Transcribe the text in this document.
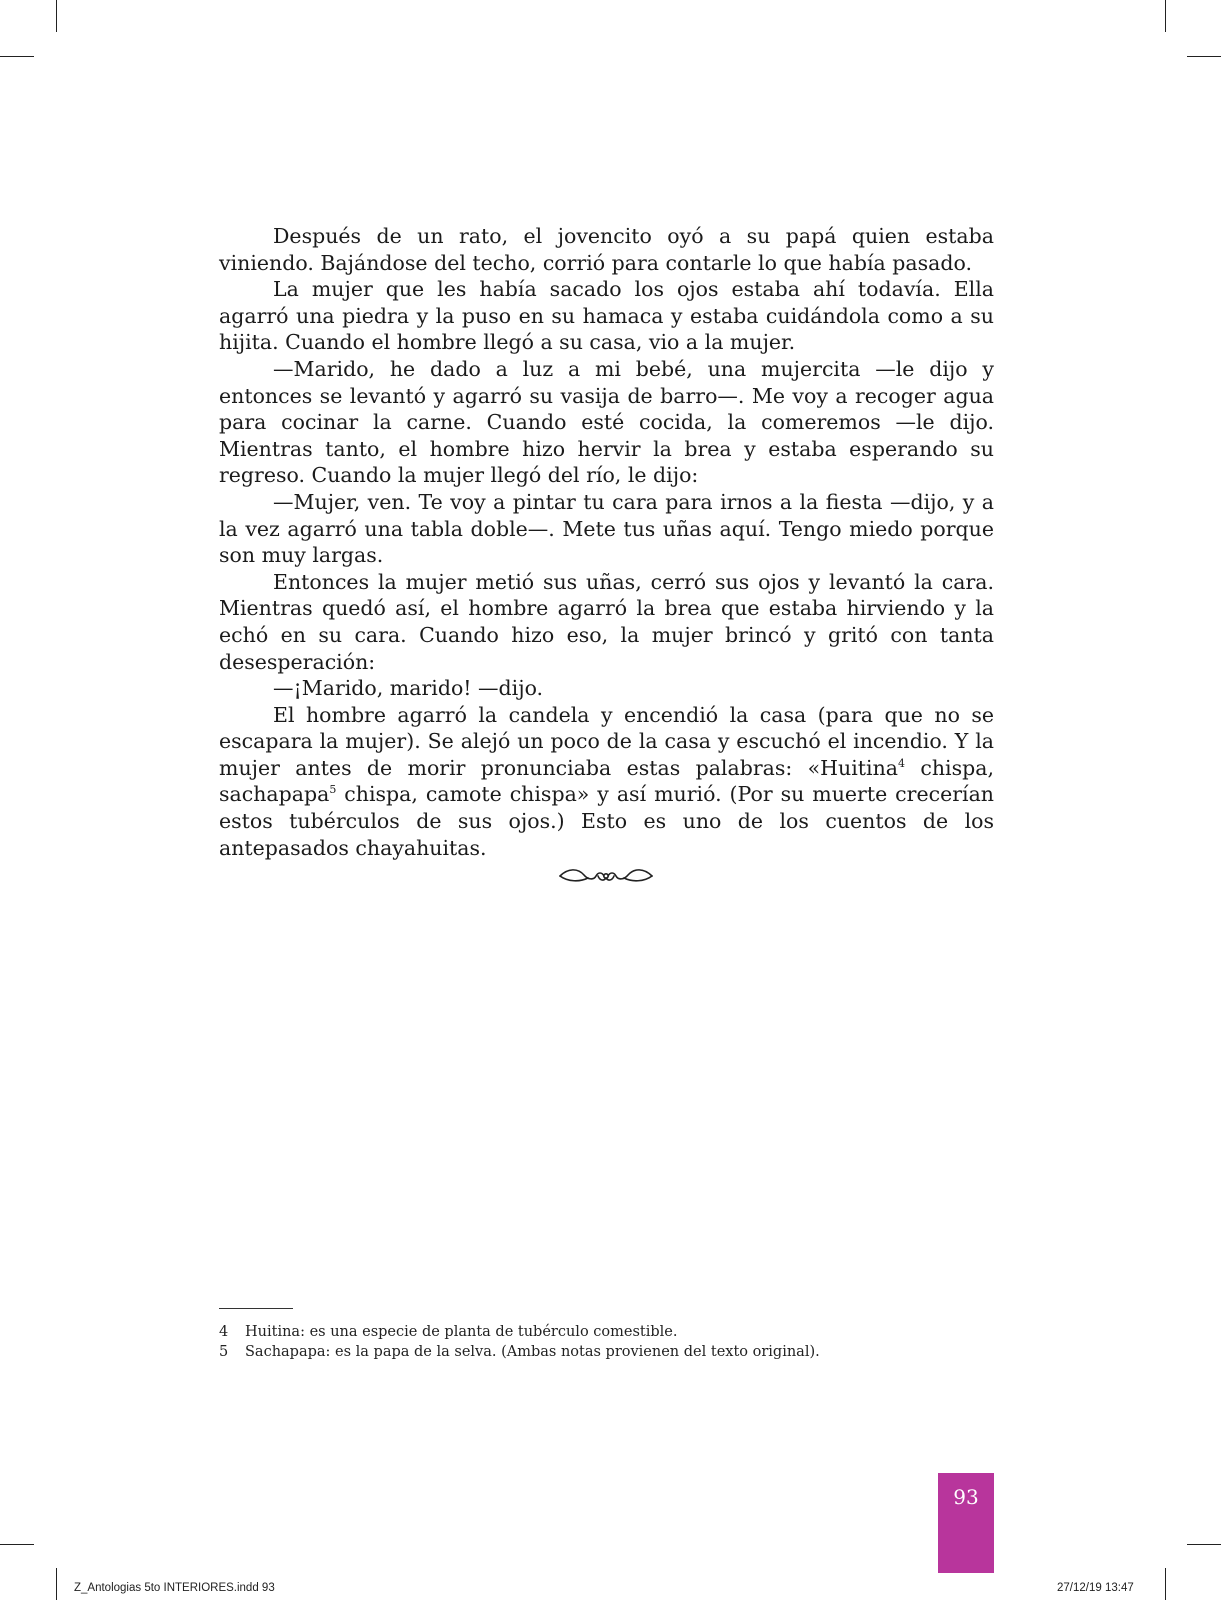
Después de un rato, el jovencito oyó a su papá quien estaba viniendo. Bajándose del techo, corrió para contarle lo que había pasado.

La mujer que les había sacado los ojos estaba ahí todavía. Ella agarró una piedra y la puso en su hamaca y estaba cuidándola como a su hijita. Cuando el hombre llegó a su casa, vio a la mujer.

—Marido, he dado a luz a mi bebé, una mujercita —le dijo y entonces se levantó y agarró su vasija de barro—. Me voy a recoger agua para cocinar la carne. Cuando esté cocida, la comeremos —le dijo. Mientras tanto, el hombre hizo hervir la brea y estaba esperando su regreso. Cuando la mujer llegó del río, le dijo:

—Mujer, ven. Te voy a pintar tu cara para irnos a la fiesta —dijo, y a la vez agarró una tabla doble—. Mete tus uñas aquí. Tengo miedo porque son muy largas.

Entonces la mujer metió sus uñas, cerró sus ojos y levantó la cara. Mientras quedó así, el hombre agarró la brea que estaba hirviendo y la echó en su cara. Cuando hizo eso, la mujer brincó y gritó con tanta desesperación:

—¡Marido, marido! —dijo.

El hombre agarró la candela y encendió la casa (para que no se escapara la mujer). Se alejó un poco de la casa y escuchó el incendio. Y la mujer antes de morir pronunciaba estas palabras: «Huitina$^4$ chispa, sachapapa$^5$ chispa, camote chispa» y así murió. (Por su muerte crecerían estos tubérculos de sus ojos.) Esto es uno de los cuentos de los antepasados chayahuitas.

4	Huitina: es una especie de planta de tubérculo comestible.
5	Sachapapa: es la papa de la selva. (Ambas notas provienen del texto original).
93
Z_Antologias 5to INTERIORES.indd 93	27/12/19 13:47
